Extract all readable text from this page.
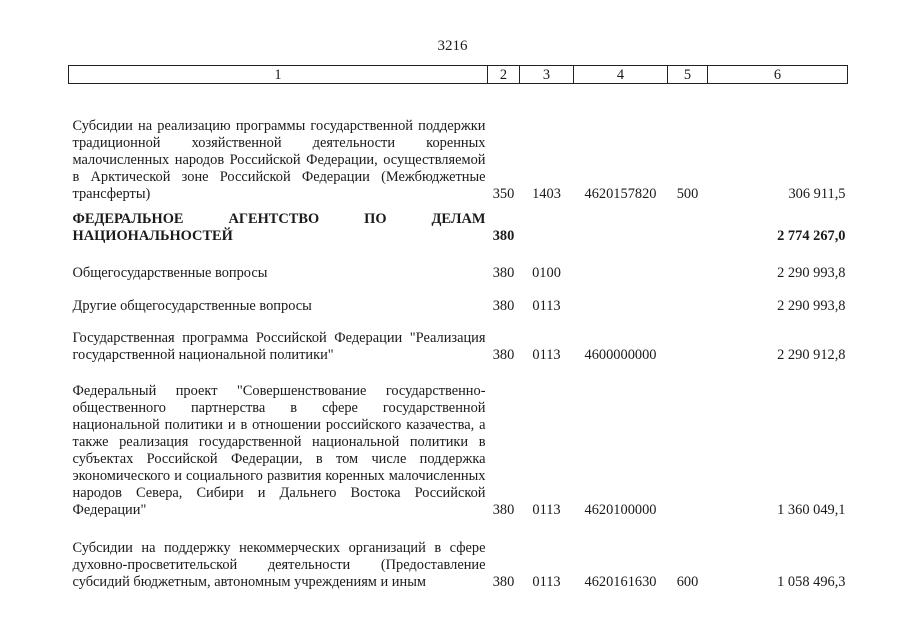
3216
1	2	3	4	5	6
Субсидии на реализацию программы государственной поддержки традиционной хозяйственной деятельности коренных малочисленных народов Российской Федерации, осуществляемой в Арктической зоне Российской Федерации (Межбюджетные трансферты)	350	1403	4620157820	500	306 911,5
ФЕДЕРАЛЬНОЕ АГЕНТСТВО ПО ДЕЛАМ НАЦИОНАЛЬНОСТЕЙ	380				2 774 267,0
Общегосударственные вопросы	380	0100			2 290 993,8
Другие общегосударственные вопросы	380	0113			2 290 993,8
Государственная программа Российской Федерации "Реализация государственной национальной политики"	380	0113	4600000000		2 290 912,8
Федеральный проект "Совершенствование государственно-общественного партнерства в сфере государственной национальной политики и в отношении российского казачества, а также реализация государственной национальной политики в субъектах Российской Федерации, в том числе поддержка экономического и социального развития коренных малочисленных народов Севера, Сибири и Дальнего Востока Российской Федерации"	380	0113	4620100000		1 360 049,1
Субсидии на поддержку некоммерческих организаций в сфере духовно-просветительской деятельности (Предоставление субсидий бюджетным, автономным учреждениям и иным	380	0113	4620161630	600	1 058 496,3
